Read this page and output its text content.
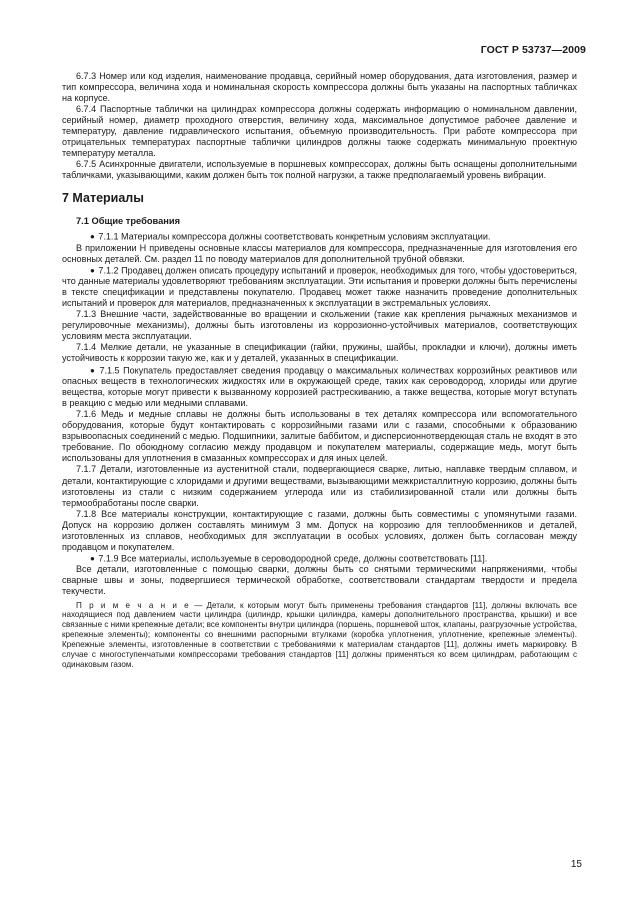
ГОСТ Р 53737—2009

6.7.3 Номер или код изделия, наименование продавца, серийный номер оборудования, дата изготовления, размер и тип компрессора, величина хода и номинальная скорость компрессора должны быть указаны на паспортных табличках на корпусе.

6.7.4 Паспортные таблички на цилиндрах компрессора должны содержать информацию о номинальном давлении, серийный номер, диаметр проходного отверстия, величину хода, максимальное допустимое рабочее давление и температуру, давление гидравлического испытания, объемную производительность. При работе компрессора при отрицательных температурах паспортные таблички цилиндров должны также содержать минимальную проектную температуру металла.

6.7.5 Асинхронные двигатели, используемые в поршневых компрессорах, должны быть оснащены дополнительными табличками, указывающими, каким должен быть ток полной нагрузки, а также предполагаемый уровень вибрации.

7 Материалы

7.1 Общие требования

● 7.1.1 Материалы компрессора должны соответствовать конкретным условиям эксплуатации.

В приложении Н приведены основные классы материалов для компрессора, предназначенные для изготовления его основных деталей. См. раздел 11 по поводу материалов для дополнительной трубной обвязки.

● 7.1.2 Продавец должен описать процедуру испытаний и проверок, необходимых для того, чтобы удостовериться, что данные материалы удовлетворяют требованиям эксплуатации. Эти испытания и проверки должны быть перечислены в тексте спецификации и представлены покупателю. Продавец может также назначить проведение дополнительных испытаний и проверок для материалов, предназначенных к эксплуатации в экстремальных условиях.

7.1.3 Внешние части, задействованные во вращении и скольжении (такие как крепления рычажных механизмов и регулировочные механизмы), должны быть изготовлены из коррозионно-устойчивых материалов, соответствующих условиям места эксплуатации.

7.1.4 Мелкие детали, не указанные в спецификации (гайки, пружины, шайбы, прокладки и ключи), должны иметь устойчивость к коррозии такую же, как и у деталей, указанных в спецификации.

● 7.1.5 Покупатель предоставляет сведения продавцу о максимальных количествах коррозийных реактивов или опасных веществ в технологических жидкостях или в окружающей среде, таких как сероводород, хлориды или другие вещества, которые могут привести к вызванному коррозией растрескиванию, а также вещества, которые могут вступать в реакцию с медью или медными сплавами.

7.1.6 Медь и медные сплавы не должны быть использованы в тех деталях компрессора или вспомогательного оборудования, которые будут контактировать с коррозийными газами или с газами, способными к образованию взрывоопасных соединений с медью. Подшипники, залитые баббитом, и дисперсионнотвердеющая сталь не входят в это требование. По обоюдному согласию между продавцом и покупателем материалы, содержащие медь, могут быть использованы для уплотнения в смазанных компрессорах и для иных целей.

7.1.7 Детали, изготовленные из аустенитной стали, подвергающиеся сварке, литью, наплавке твердым сплавом, и детали, контактирующие с хлоридами и другими веществами, вызывающими межкристаллитную коррозию, должны быть изготовлены из стали с низким содержанием углерода или из стабилизированной стали или должны быть термообработаны после сварки.

7.1.8 Все материалы конструкции, контактирующие с газами, должны быть совместимы с упомянутыми газами. Допуск на коррозию должен составлять минимум 3 мм. Допуск на коррозию для теплообменников и деталей, изготовленных из сплавов, необходимых для эксплуатации в особых условиях, должен быть согласован между продавцом и покупателем.

● 7.1.9 Все материалы, используемые в сероводородной среде, должны соответствовать [11].

Все детали, изготовленные с помощью сварки, должны быть со снятыми термическими напряжениями, чтобы сварные швы и зоны, подвергшиеся термической обработке, соответствовали стандартам твердости и предела текучести.

П р и м е ч а н и е — Детали, к которым могут быть применены требования стандартов [11], должны включать все находящиеся под давлением части цилиндра (цилиндр, крышки цилиндра, камеры дополнительного пространства, крышки) и все связанные с ними крепежные детали; все компоненты внутри цилиндра (поршень, поршневой шток, клапаны, разгрузочные устройства, крепежные элементы); компоненты со внешними распорными втулками (коробка уплотнения, уплотнение, крепежные элементы). Крепежные элементы, изготовленные в соответствии с требованиями к материалам стандартов [11], должны иметь маркировку. В случае с многоступенчатыми компрессорами требования стандартов [11] должны применяться ко всем цилиндрам, работающим с одинаковым газом.

15
